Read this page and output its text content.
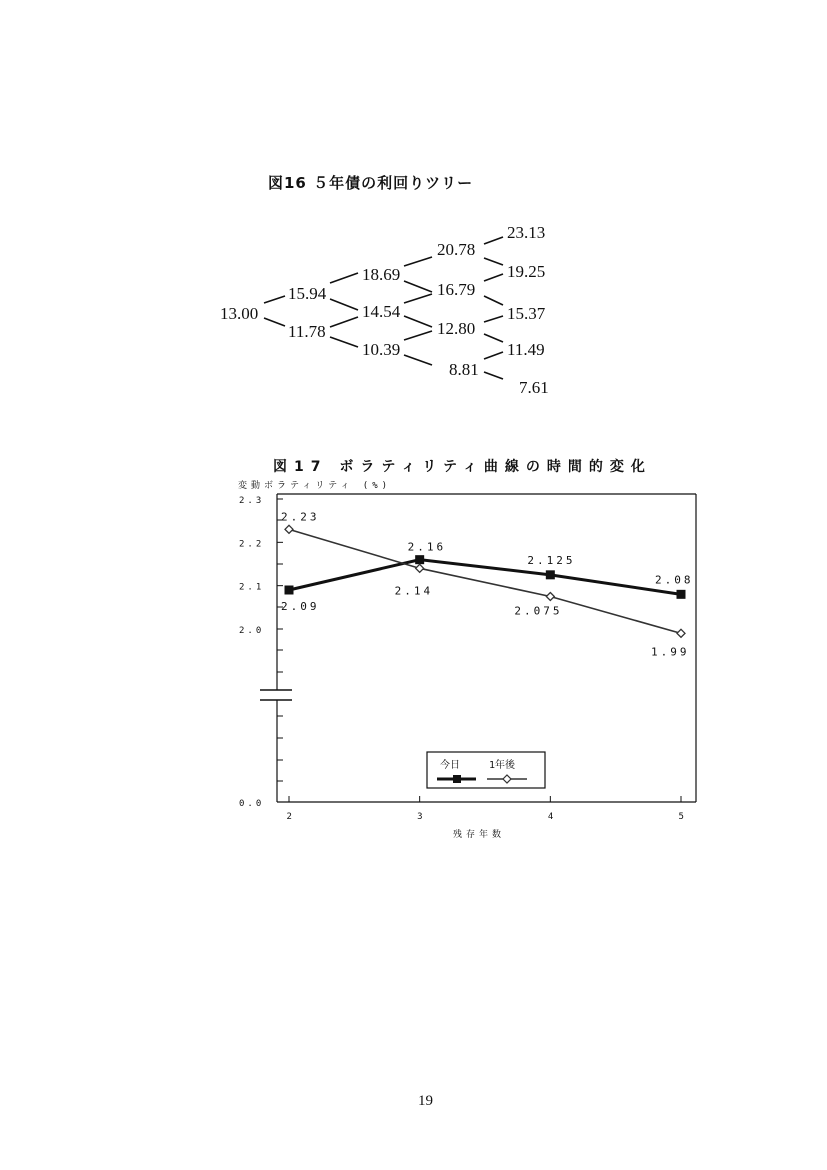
図16 ５年債の利回りツリー
13.00
15.94
11.78
18.69
14.54
10.39
20.78
16.79
12.80
8.81
23.13
19.25
15.37
11.49
7.61
図17 ボラティリティ曲線の時間的変化
変動ボラティリティ (%)
2.3
2.2
2.1
2.0
0.0
2	3	4	5
2.09
2.16
2.125
2.08
2.23
2.14
2.075
1.99
今日	1年後
残存年数
19
